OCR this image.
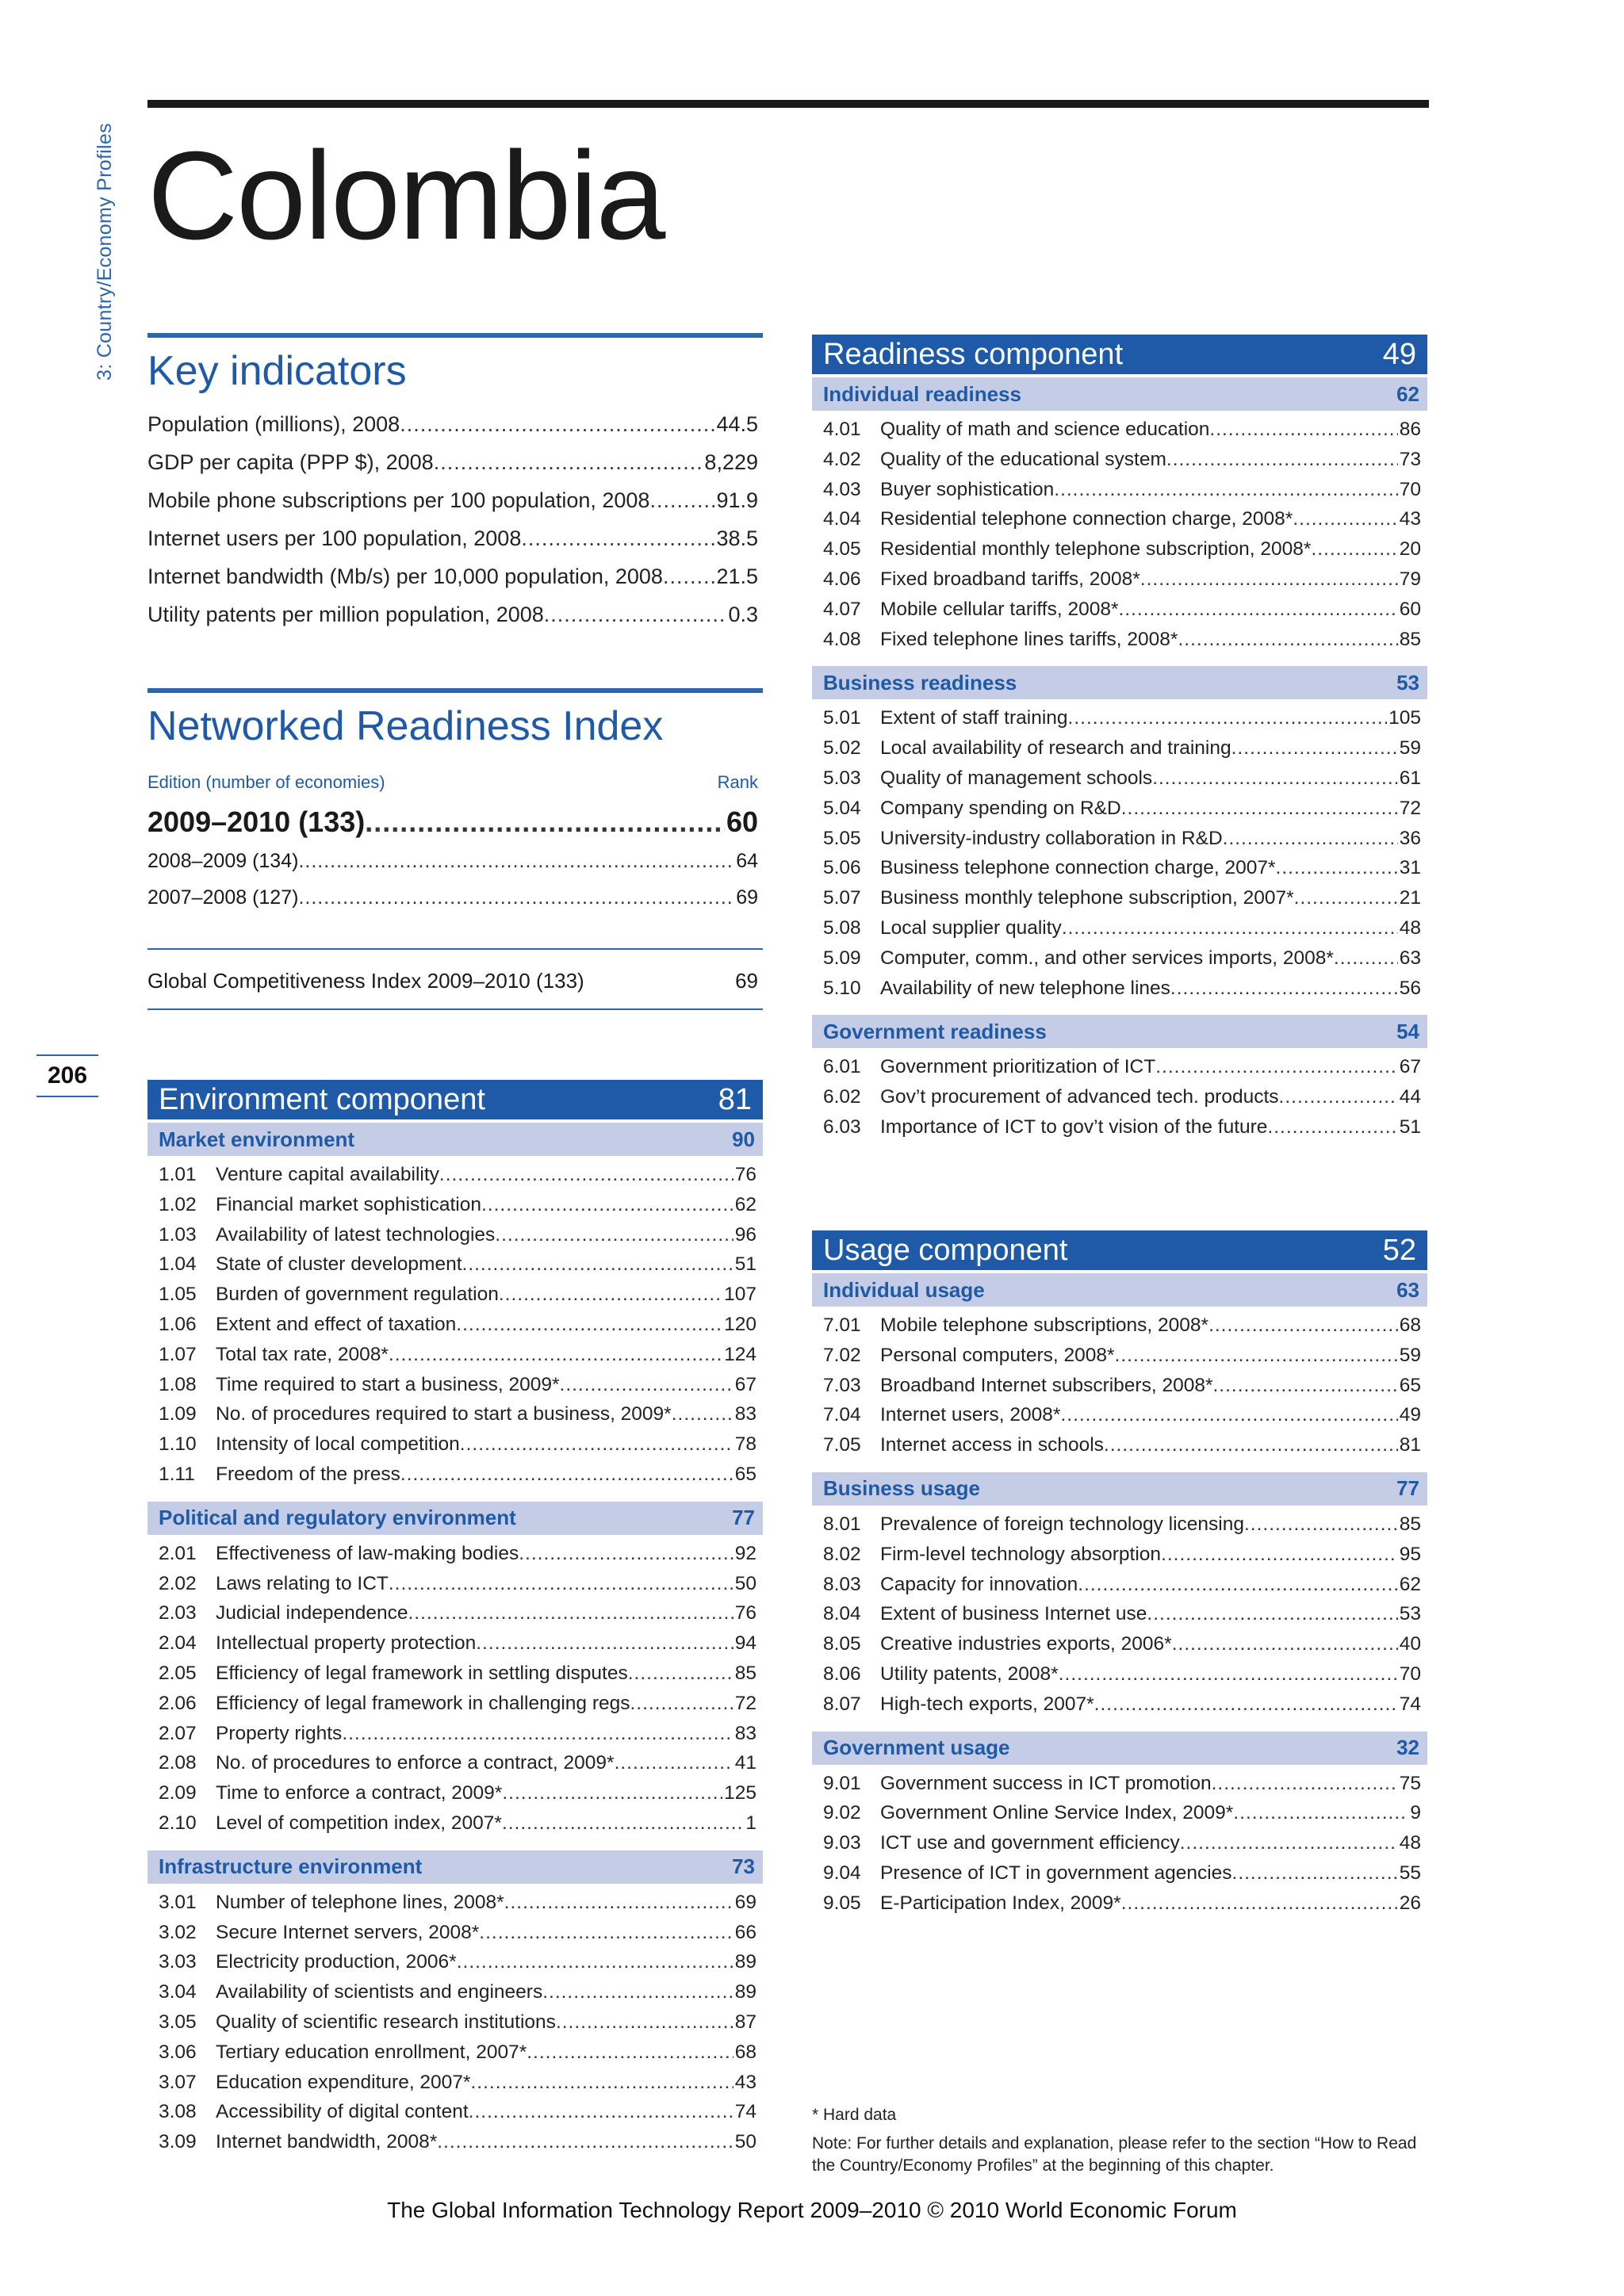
3: Country/Economy Profiles
206
Colombia
Key indicators
Population (millions), 2008 .....	44.5
GDP per capita (PPP $), 2008 .....	8,229
Mobile phone subscriptions per 100 population, 2008 .....	91.9
Internet users per 100 population, 2008 .....	38.5
Internet bandwidth (Mb/s) per 10,000 population, 2008 ..... 21.5
Utility patents per million population, 2008 .....	0.3
Networked Readiness Index
Edition (number of economies)	Rank
2009–2010 (133) .....	60
2008–2009 (134) .....	64
2007–2008 (127) .....	69
Global Competitiveness Index 2009–2010 (133)	69
Environment component	81
Market environment	90
1.01 Venture capital availability .....	76
1.02 Financial market sophistication .....	62
1.03 Availability of latest technologies .....	96
1.04 State of cluster development .....	51
1.05 Burden of government regulation .....	107
1.06 Extent and effect of taxation .....	120
1.07 Total tax rate, 2008* .....	124
1.08 Time required to start a business, 2009* .....	67
1.09 No. of procedures required to start a business, 2009* .....	83
1.10 Intensity of local competition .....	78
1.11	Freedom of the press .....	65
Political and regulatory environment	77
2.01 Effectiveness of law-making bodies .....	92
2.02 Laws relating to ICT .....	50
2.03 Judicial independence .....	76
2.04 Intellectual property protection .....	94
2.05 Efficiency of legal framework in settling disputes .....	85
2.06 Efficiency of legal framework in challenging regs .....	72
2.07 Property rights .....	83
2.08 No. of procedures to enforce a contract, 2009* .....	41
2.09 Time to enforce a contract, 2009* .....	125
2.10 Level of competition index, 2007* .....	1
Infrastructure environment	73
3.01 Number of telephone lines, 2008* .....	69
3.02 Secure Internet servers, 2008* .....	66
3.03 Electricity production, 2006* .....	89
3.04 Availability of scientists and engineers .....	89
3.05 Quality of scientific research institutions .....	87
3.06 Tertiary education enrollment, 2007* .....	68
3.07 Education expenditure, 2007* .....	43
3.08 Accessibility of digital content .....	74
3.09 Internet bandwidth, 2008* .....	50
Readiness component	49
Individual readiness	62
4.01 Quality of math and science education .....	86
4.02 Quality of the educational system .....	73
4.03 Buyer sophistication .....	70
4.04 Residential telephone connection charge, 2008* .....	43
4.05 Residential monthly telephone subscription, 2008* .....	20
4.06 Fixed broadband tariffs, 2008* .....	79
4.07 Mobile cellular tariffs, 2008* .....	60
4.08 Fixed telephone lines tariffs, 2008* .....	85
Business readiness	53
5.01 Extent of staff training .....	105
5.02 Local availability of research and training .....	59
5.03 Quality of management schools .....	61
5.04 Company spending on R&D .....	72
5.05 University-industry collaboration in R&D .....	36
5.06 Business telephone connection charge, 2007* .....	31
5.07 Business monthly telephone subscription, 2007* .....	21
5.08 Local supplier quality .....	48
5.09 Computer, comm., and other services imports, 2008* .....	63
5.10 Availability of new telephone lines .....	56
Government readiness	54
6.01 Government prioritization of ICT .....	67
6.02 Gov’t procurement of advanced tech. products .....	44
6.03 Importance of ICT to gov’t vision of the future .....	51
Usage component	52
Individual usage	63
7.01 Mobile telephone subscriptions, 2008* .....	68
7.02 Personal computers, 2008* .....	59
7.03 Broadband Internet subscribers, 2008* .....	65
7.04 Internet users, 2008* .....	49
7.05 Internet access in schools .....	81
Business usage	77
8.01 Prevalence of foreign technology licensing .....	85
8.02 Firm-level technology absorption .....	95
8.03 Capacity for innovation .....	62
8.04 Extent of business Internet use .....	53
8.05 Creative industries exports, 2006* .....	40
8.06 Utility patents, 2008* .....	70
8.07 High-tech exports, 2007* .....	74
Government usage	32
9.01 Government success in ICT promotion .....	75
9.02 Government Online Service Index, 2009* .....	9
9.03 ICT use and government efficiency .....	48
9.04 Presence of ICT in government agencies .....	55
9.05 E-Participation Index, 2009* .....	26
* Hard data
Note: For further details and explanation, please refer to the section “How to Read the Country/Economy Profiles” at the beginning of this chapter.
The Global Information Technology Report 2009–2010 © 2010 World Economic Forum
